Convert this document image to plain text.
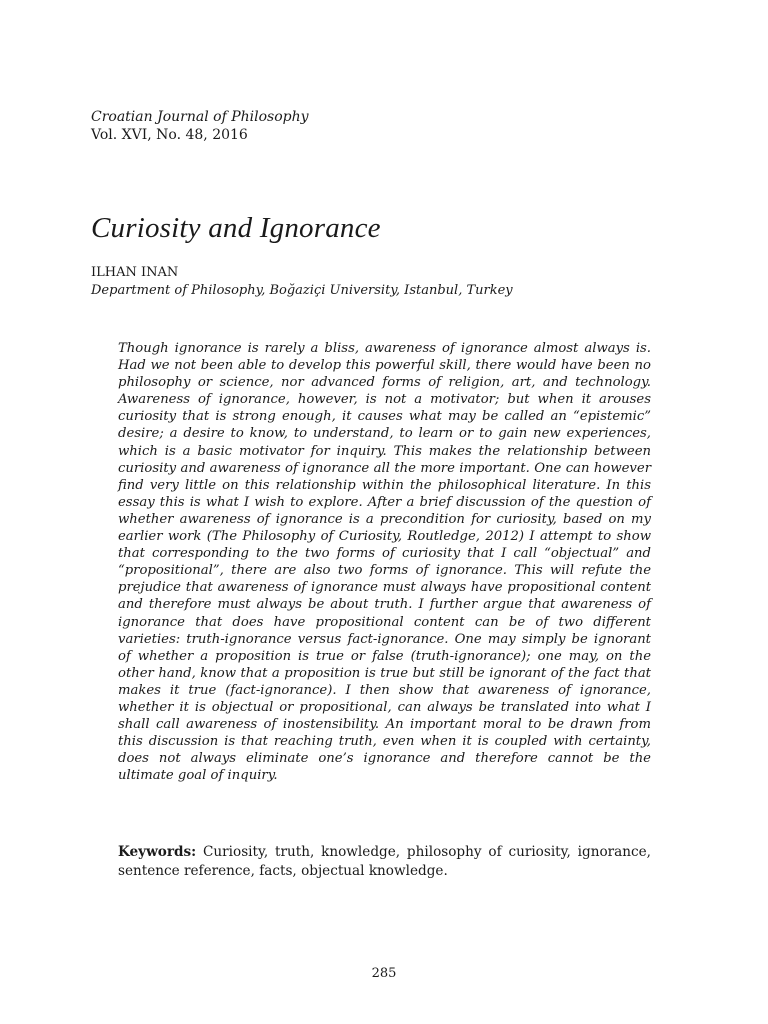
Croatian Journal of Philosophy
Vol. XVI, No. 48, 2016
Curiosity and Ignorance
ILHAN INAN
Department of Philosophy, Boğaziçi University, Istanbul, Turkey

Though ignorance is rarely a bliss, awareness of ignorance almost always is. Had we not been able to develop this powerful skill, there would have been no philosophy or science, nor advanced forms of religion, art, and technology. Awareness of ignorance, however, is not a motivator; but when it arouses curiosity that is strong enough, it causes what may be called an “epistemic” desire; a desire to know, to understand, to learn or to gain new experiences, which is a basic motivator for inquiry. This makes the relationship between curiosity and awareness of ignorance all the more important. One can however find very little on this relationship within the philosophical literature. In this essay this is what I wish to explore. After a brief discussion of the question of whether awareness of ignorance is a precondition for curiosity, based on my earlier work (The Philosophy of Curiosity, Routledge, 2012) I attempt to show that corresponding to the two forms of curiosity that I call “objectual” and “propositional”, there are also two forms of ignorance. This will refute the prejudice that awareness of ignorance must always have propositional content and therefore must always be about truth. I further argue that awareness of ignorance that does have propositional content can be of two different varieties: truth-ignorance versus fact-ignorance. One may simply be ignorant of whether a proposition is true or false (truth-ignorance); one may, on the other hand, know that a proposition is true but still be ignorant of the fact that makes it true (fact-ignorance). I then show that awareness of ignorance, whether it is objectual or propositional, can always be translated into what I shall call awareness of inostensibility. An important moral to be drawn from this discussion is that reaching truth, even when it is coupled with certainty, does not always eliminate one’s ignorance and therefore cannot be the ultimate goal of inquiry.

Keywords: Curiosity, truth, knowledge, philosophy of curiosity, ignorance, sentence reference, facts, objectual knowledge.

285
